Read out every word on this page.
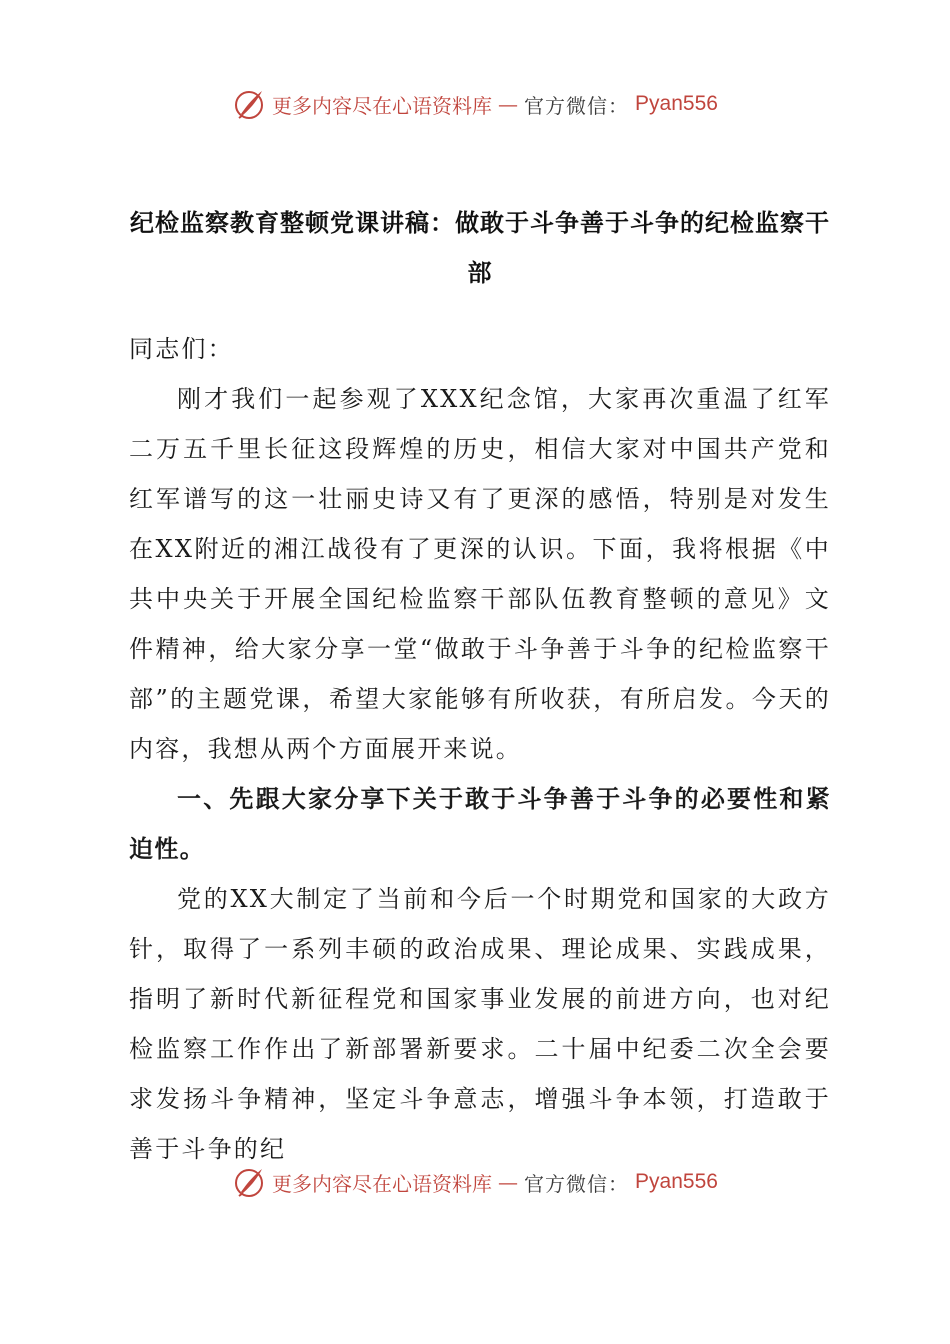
更多内容尽在心语资料库 — 官方微信： Pyan556
纪检监察教育整顿党课讲稿：做敢于斗争善于斗争的纪检监察干部

同志们：

刚才我们一起参观了XXX纪念馆，大家再次重温了红军二万五千里长征这段辉煌的历史，相信大家对中国共产党和红军谱写的这一壮丽史诗又有了更深的感悟，特别是对发生在XX附近的湘江战役有了更深的认识。下面，我将根据《中共中央关于开展全国纪检监察干部队伍教育整顿的意见》文件精神，给大家分享一堂“做敢于斗争善于斗争的纪检监察干部”的主题党课，希望大家能够有所收获，有所启发。今天的内容，我想从两个方面展开来说。

一、先跟大家分享下关于敢于斗争善于斗争的必要性和紧迫性。

党的XX大制定了当前和今后一个时期党和国家的大政方针，取得了一系列丰硕的政治成果、理论成果、实践成果，指明了新时代新征程党和国家事业发展的前进方向，也对纪检监察工作作出了新部署新要求。二十届中纪委二次全会要求发扬斗争精神，坚定斗争意志，增强斗争本领，打造敢于善于斗争的纪

更多内容尽在心语资料库 — 官方微信： Pyan556
